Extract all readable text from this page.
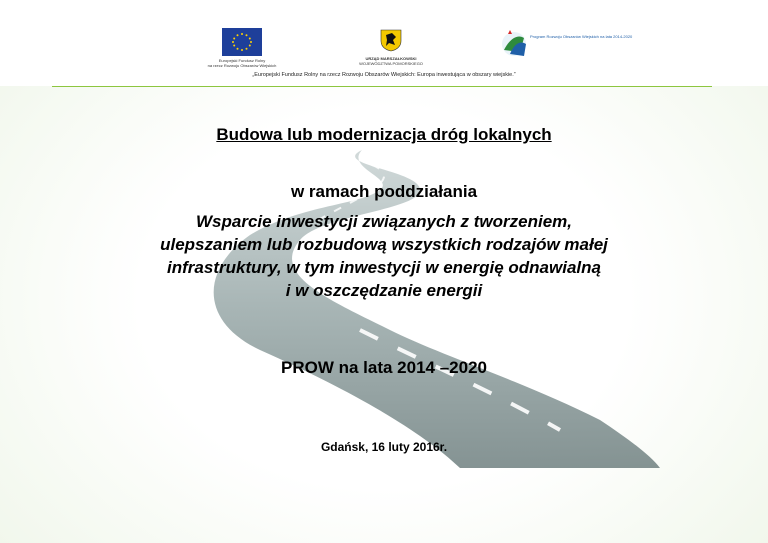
Europejski Fundusz Rolny
na rzecz Rozwoju Obszarów Wiejskich
URZĄD MARSZAŁKOWSKI
WOJEWÓDZTWA POMORSKIEGO
Program Rozwoju Obszarów Wiejskich na lata 2014-2020
„Europejski Fundusz Rolny na rzecz Rozwoju Obszarów Wiejskich: Europa inwestująca w obszary wiejskie.”
Budowa lub modernizacja dróg lokalnych
w ramach poddziałania
Wsparcie inwestycji związanych z tworzeniem,
ulepszaniem lub rozbudową wszystkich rodzajów małej
infrastruktury, w tym inwestycji w energię odnawialną
i w oszczędzanie energii
PROW na lata 2014 –2020
Gdańsk, 16 luty 2016r.
